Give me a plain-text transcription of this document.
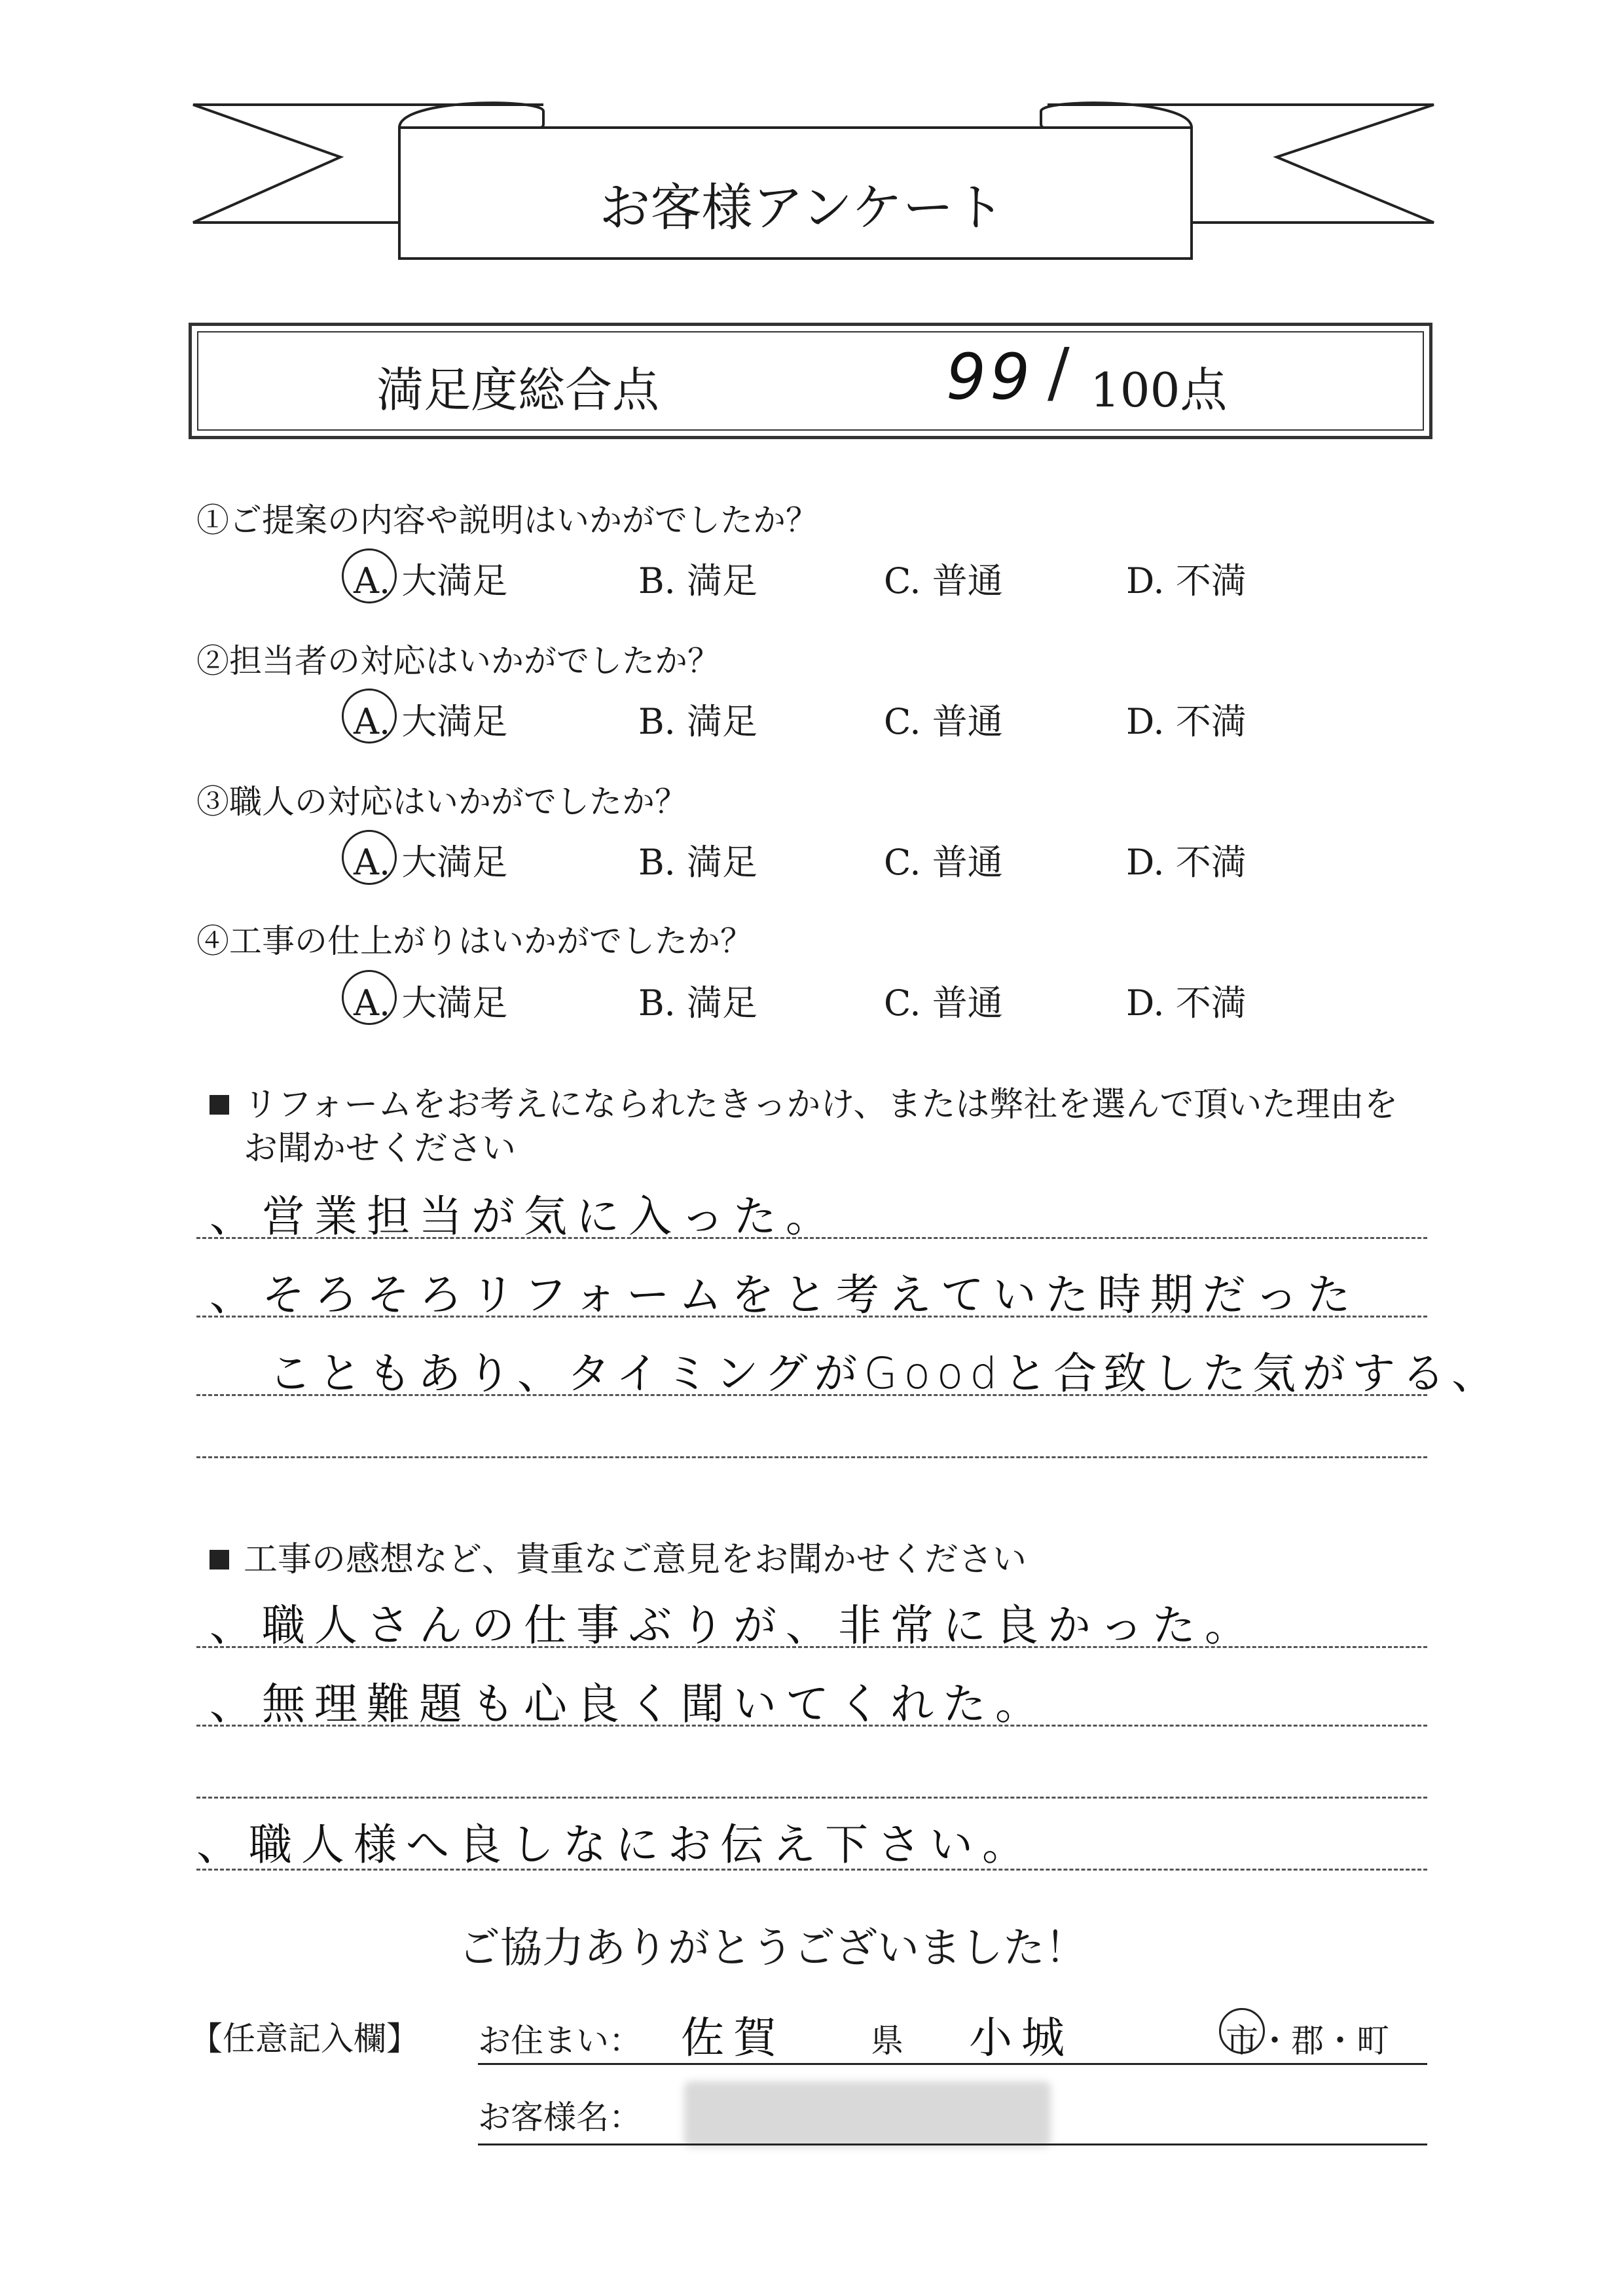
お客様アンケート
満足度総合点	99 / 100点
①ご提案の内容や説明はいかがでしたか？
A. 大満足	B. 満足	C. 普通	D. 不満
②担当者の対応はいかがでしたか？
A. 大満足	B. 満足	C. 普通	D. 不満
③職人の対応はいかがでしたか？
A. 大満足	B. 満足	C. 普通	D. 不満
④工事の仕上がりはいかがでしたか？
A. 大満足	B. 満足	C. 普通	D. 不満
リフォームをお考えになられたきっかけ、または弊社を選んで頂いた理由を
お聞かせください
、営業担当が気に入った。
、そろそろリフォームをと考えていた時期だった
こともあり、タイミングがGoodと合致した気がする、
工事の感想など、貴重なご意見をお聞かせください
、職人さんの仕事ぶりが、非常に良かった。
、無理難題も心良く聞いてくれた。
、職人様へ良しなにお伝え下さい。
ご協力ありがとうございました！
【任意記入欄】 お住まい： 佐賀	県 小城	市・郡・町
お客様名：
